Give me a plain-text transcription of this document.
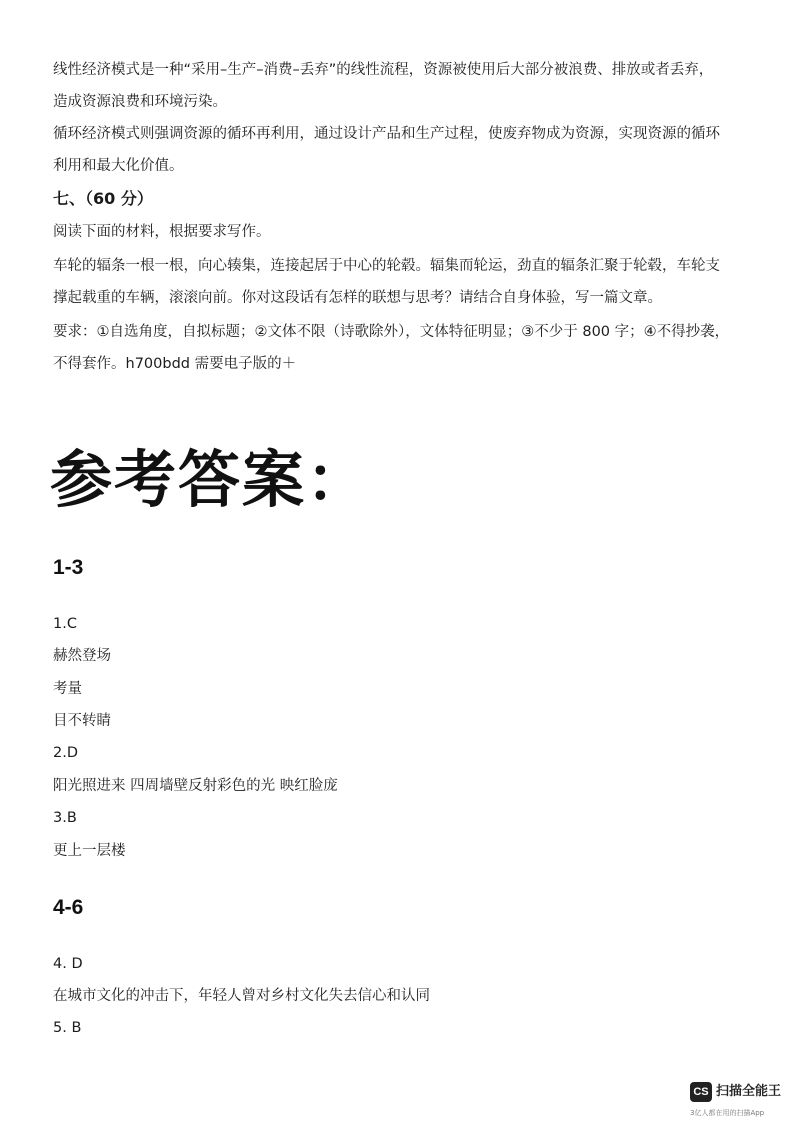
线性经济模式是一种“采用–生产–消费–丢弃”的线性流程，资源被使用后大部分被浪费、排放或者丢弃，
造成资源浪费和环境污染。
循环经济模式则强调资源的循环再利用，通过设计产品和生产过程，使废弃物成为资源，实现资源的循环
利用和最大化价值。
七、（60 分）
阅读下面的材料，根据要求写作。
车轮的辐条一根一根，向心辏集，连接起居于中心的轮毂。辐集而轮运，劲直的辐条汇聚于轮毂，车轮支
撑起载重的车辆，滚滚向前。你对这段话有怎样的联想与思考？请结合自身体验，写一篇文章。
要求：①自选角度，自拟标题；②文体不限（诗歌除外），文体特征明显；③不少于 800 字；④不得抄袭，
不得套作。h700bdd 需要电子版的＋
参考答案：
1-3
1.C
赫然登场
考量
目不转睛
2.D
阳光照进来 四周墙壁反射彩色的光 映红脸庞
3.B
更上一层楼
4-6
4. D
在城市文化的冲击下，年轻人曾对乡村文化失去信心和认同
5. B
CS 扫描全能王
3亿人都在用的扫描App
